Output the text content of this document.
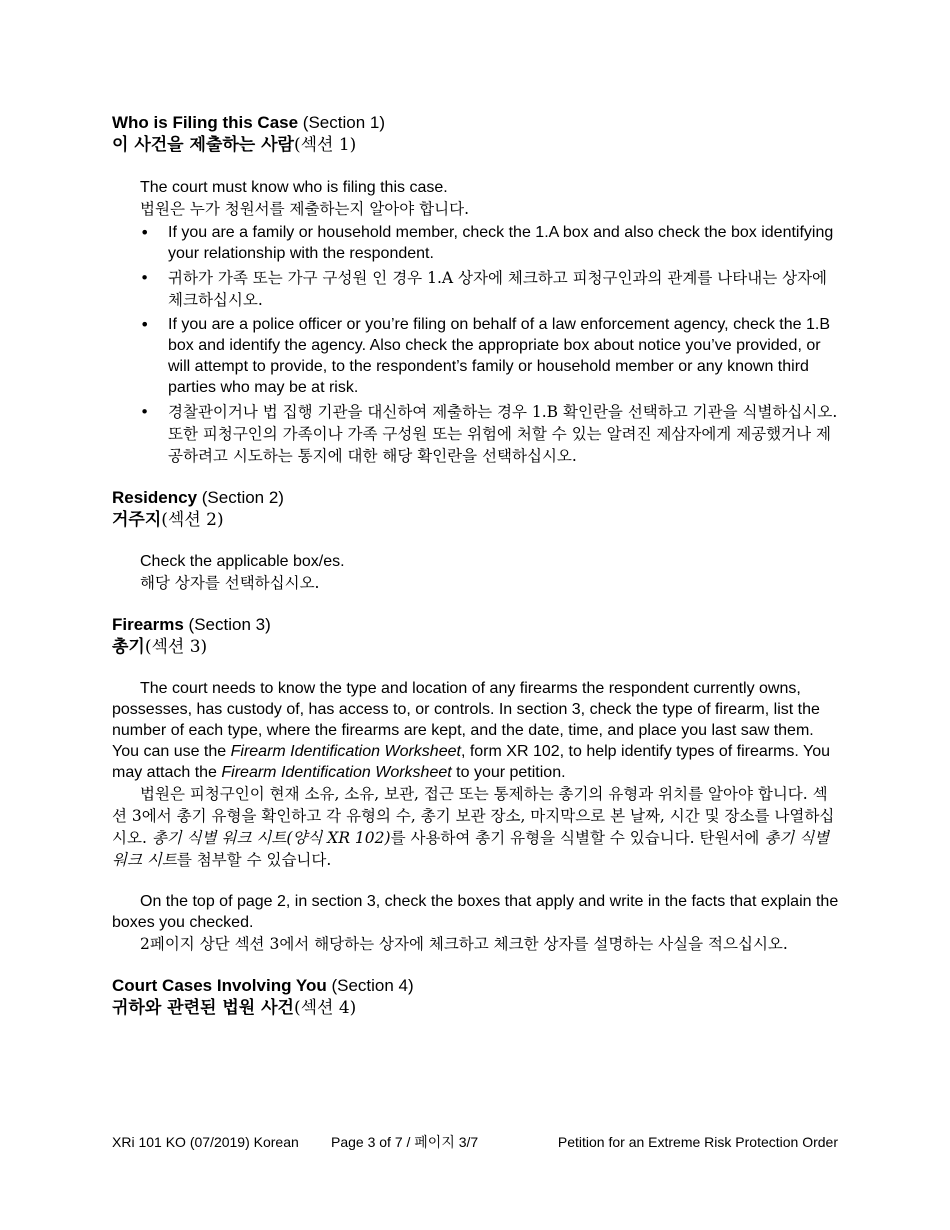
Who is Filing this Case (Section 1)
이 사건을 제출하는 사람(섹션 1)
The court must know who is filing this case.
법원은 누가 청원서를 제출하는지 알아야 합니다.
• If you are a family or household member, check the 1.A box and also check the box identifying your relationship with the respondent.
• 귀하가 가족 또는 가구 구성원 인 경우 1.A 상자에 체크하고 피청구인과의 관계를 나타내는 상자에 체크하십시오.
• If you are a police officer or you’re filing on behalf of a law enforcement agency, check the 1.B box and identify the agency. Also check the appropriate box about notice you’ve provided, or will attempt to provide, to the respondent’s family or household member or any known third parties who may be at risk.
• 경찰관이거나 법 집행 기관을 대신하여 제출하는 경우 1.B 확인란을 선택하고 기관을 식별하십시오. 또한 피청구인의 가족이나 가족 구성원 또는 위험에 처할 수 있는 알려진 제삼자에게 제공했거나 제공하려고 시도하는 통지에 대한 해당 확인란을 선택하십시오.
Residency (Section 2)
거주지(섹션 2)
Check the applicable box/es.
해당 상자를 선택하십시오.
Firearms (Section 3)
총기(섹션 3)
The court needs to know the type and location of any firearms the respondent currently owns, possesses, has custody of, has access to, or controls. In section 3, check the type of firearm, list the number of each type, where the firearms are kept, and the date, time, and place you last saw them. You can use the Firearm Identification Worksheet, form XR 102, to help identify types of firearms. You may attach the Firearm Identification Worksheet to your petition.
법원은 피청구인이 현재 소유, 소유, 보관, 접근 또는 통제하는 총기의 유형과 위치를 알아야 합니다. 섹션 3에서 총기 유형을 확인하고 각 유형의 수, 총기 보관 장소, 마지막으로 본 날짜, 시간 및 장소를 나열하십시오. 총기 식별 워크 시트(양식 XR 102)를 사용하여 총기 유형을 식별할 수 있습니다. 탄원서에 총기 식별 워크 시트를 첨부할 수 있습니다.
On the top of page 2, in section 3, check the boxes that apply and write in the facts that explain the boxes you checked.
2페이지 상단 섹션 3에서 해당하는 상자에 체크하고 체크한 상자를 설명하는 사실을 적으십시오.
Court Cases Involving You (Section 4)
귀하와 관련된 법원 사건(섹션 4)
XRi 101 KO (07/2019) Korean Page 3 of 7 / 페이지 3/7	Petition for an Extreme Risk Protection Order
